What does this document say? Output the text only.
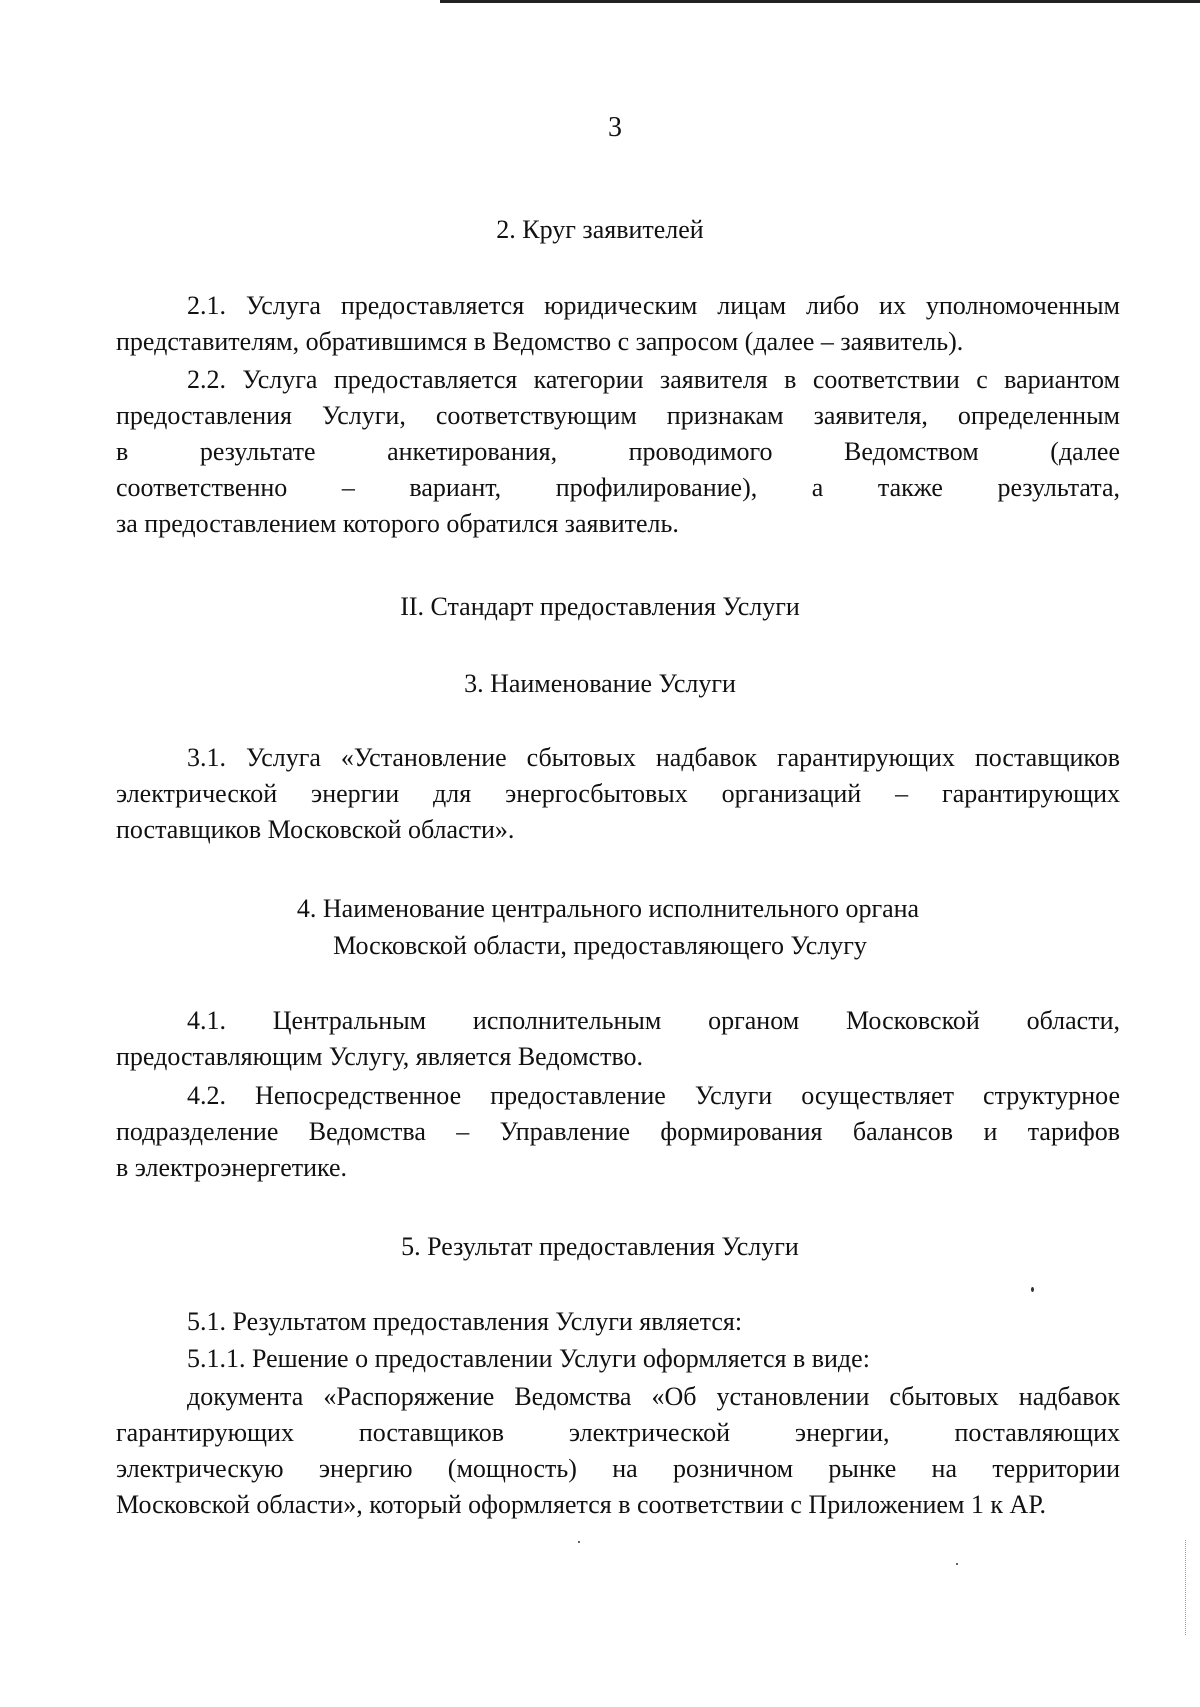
3
2. Круг заявителей
2.1. Услуга предоставляется юридическим лицам либо их уполномоченным
представителям, обратившимся в Ведомство с запросом (далее – заявитель).
2.2. Услуга предоставляется категории заявителя в соответствии с вариантом
предоставления Услуги, соответствующим признакам заявителя, определенным
в результате анкетирования, проводимого Ведомством (далее
соответственно – вариант, профилирование), а также результата,
за предоставлением которого обратился заявитель.
II. Стандарт предоставления Услуги
3. Наименование Услуги
3.1. Услуга «Установление сбытовых надбавок гарантирующих поставщиков
электрической энергии для энергосбытовых организаций – гарантирующих
поставщиков Московской области».
4. Наименование центрального исполнительного органа
Московской области, предоставляющего Услугу
4.1. Центральным исполнительным органом Московской области,
предоставляющим Услугу, является Ведомство.
4.2. Непосредственное предоставление Услуги осуществляет структурное
подразделение Ведомства – Управление формирования балансов и тарифов
в электроэнергетике.
5. Результат предоставления Услуги
5.1. Результатом предоставления Услуги является:
5.1.1. Решение о предоставлении Услуги оформляется в виде:
документа «Распоряжение Ведомства «Об установлении сбытовых надбавок
гарантирующих поставщиков электрической энергии, поставляющих
электрическую энергию (мощность) на розничном рынке на территории
Московской области», который оформляется в соответствии с Приложением 1 к АР.
